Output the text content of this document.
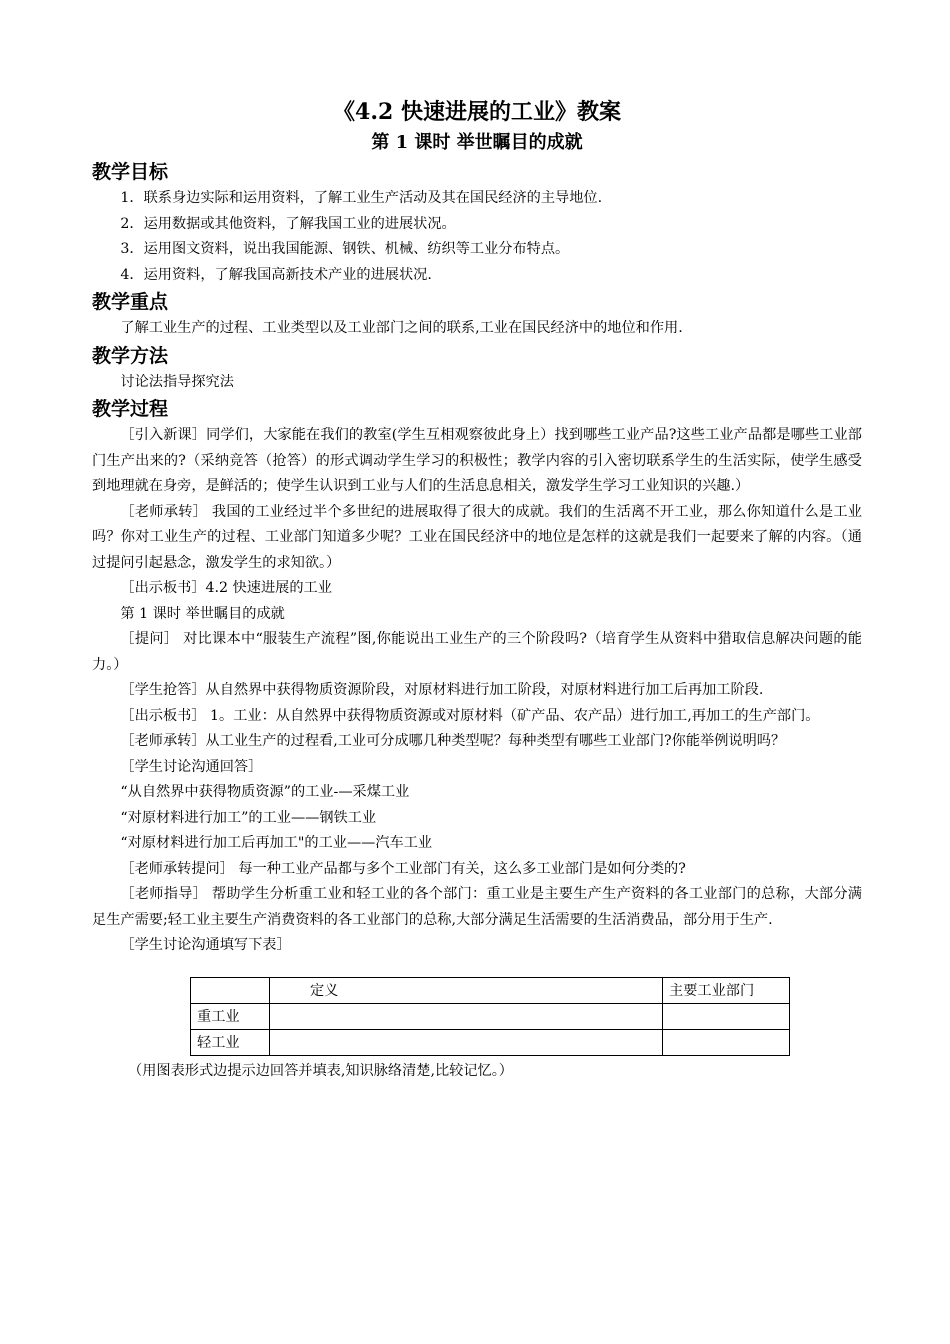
《4.2 快速进展的工业》教案
第 1 课时 举世瞩目的成就
教学目标

1．联系身边实际和运用资料，了解工业生产活动及其在国民经济的主导地位.

2．运用数据或其他资料，了解我国工业的进展状况。

3．运用图文资料，说出我国能源、钢铁、机械、纺织等工业分布特点。

4．运用资料，了解我国高新技术产业的进展状况.

教学重点

了解工业生产的过程、工业类型以及工业部门之间的联系,工业在国民经济中的地位和作用.

教学方法

讨论法指导探究法

教学过程

［引入新课］同学们，大家能在我们的教室(学生互相观察彼此身上）找到哪些工业产品?这些工业产品都是哪些工业部门生产出来的?（采纳竞答（抢答）的形式调动学生学习的积极性；教学内容的引入密切联系学生的生活实际，使学生感受到地理就在身旁，是鲜活的；使学生认识到工业与人们的生活息息相关，激发学生学习工业知识的兴趣.）

［老师承转］ 我国的工业经过半个多世纪的进展取得了很大的成就。我们的生活离不开工业，那么你知道什么是工业吗？你对工业生产的过程、工业部门知道多少呢？工业在国民经济中的地位是怎样的这就是我们一起要来了解的内容。（通过提问引起悬念，激发学生的求知欲。）

［出示板书］4.2 快速进展的工业

第 1 课时 举世瞩目的成就

［提问］ 对比课本中“服装生产流程”图,你能说出工业生产的三个阶段吗?（培育学生从资料中猎取信息解决问题的能力。）

［学生抢答］从自然界中获得物质资源阶段，对原材料进行加工阶段，对原材料进行加工后再加工阶段.

［出示板书］ 1。工业：从自然界中获得物质资源或对原材料（矿产品、农产品）进行加工,再加工的生产部门。

［老师承转］从工业生产的过程看,工业可分成哪几种类型呢？每种类型有哪些工业部门?你能举例说明吗？

［学生讨论沟通回答］

“从自然界中获得物质资源”的工业-—采煤工业

“对原材料进行加工”的工业——钢铁工业

“对原材料进行加工后再加工"的工业——汽车工业

［老师承转提问］ 每一种工业产品都与多个工业部门有关，这么多工业部门是如何分类的?

［老师指导］ 帮助学生分析重工业和轻工业的各个部门：重工业是主要生产生产资料的各工业部门的总称，大部分满足生产需要;轻工业主要生产消费资料的各工业部门的总称,大部分满足生活需要的生活消费品，部分用于生产.

［学生讨论沟通填写下表］

	定义	主要工业部门
重工业		
轻工业		
（用图表形式边提示边回答并填表,知识脉络清楚,比较记忆。）
